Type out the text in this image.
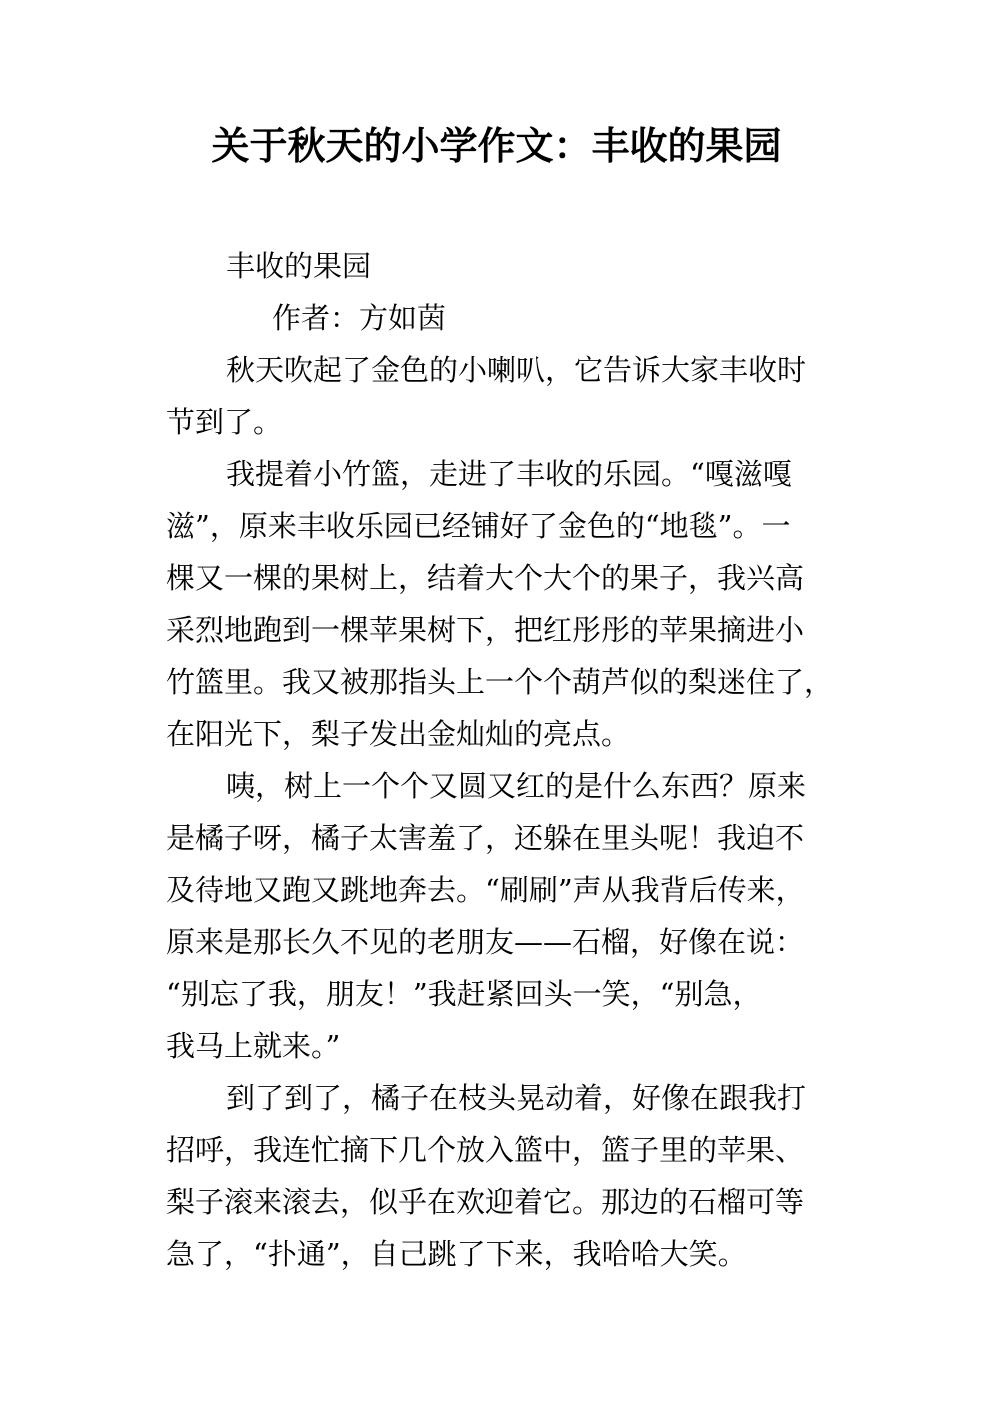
关于秋天的小学作文：丰收的果园
丰收的果园
作者：方如茵
秋天吹起了金色的小喇叭，它告诉大家丰收时
节到了。
我提着小竹篮，走进了丰收的乐园。“嘎滋嘎
滋”，原来丰收乐园已经铺好了金色的“地毯”。一
棵又一棵的果树上，结着大个大个的果子，我兴高
采烈地跑到一棵苹果树下，把红彤彤的苹果摘进小
竹篮里。我又被那指头上一个个葫芦似的梨迷住了，
在阳光下，梨子发出金灿灿的亮点。
咦，树上一个个又圆又红的是什么东西？原来
是橘子呀，橘子太害羞了，还躲在里头呢！我迫不
及待地又跑又跳地奔去。“刷刷”声从我背后传来，
原来是那长久不见的老朋友——石榴，好像在说：
“别忘了我，朋友！”我赶紧回头一笑，“别急，
我马上就来。”
到了到了，橘子在枝头晃动着，好像在跟我打
招呼，我连忙摘下几个放入篮中，篮子里的苹果、
梨子滚来滚去，似乎在欢迎着它。那边的石榴可等
急了，“扑通”，自己跳了下来，我哈哈大笑。
